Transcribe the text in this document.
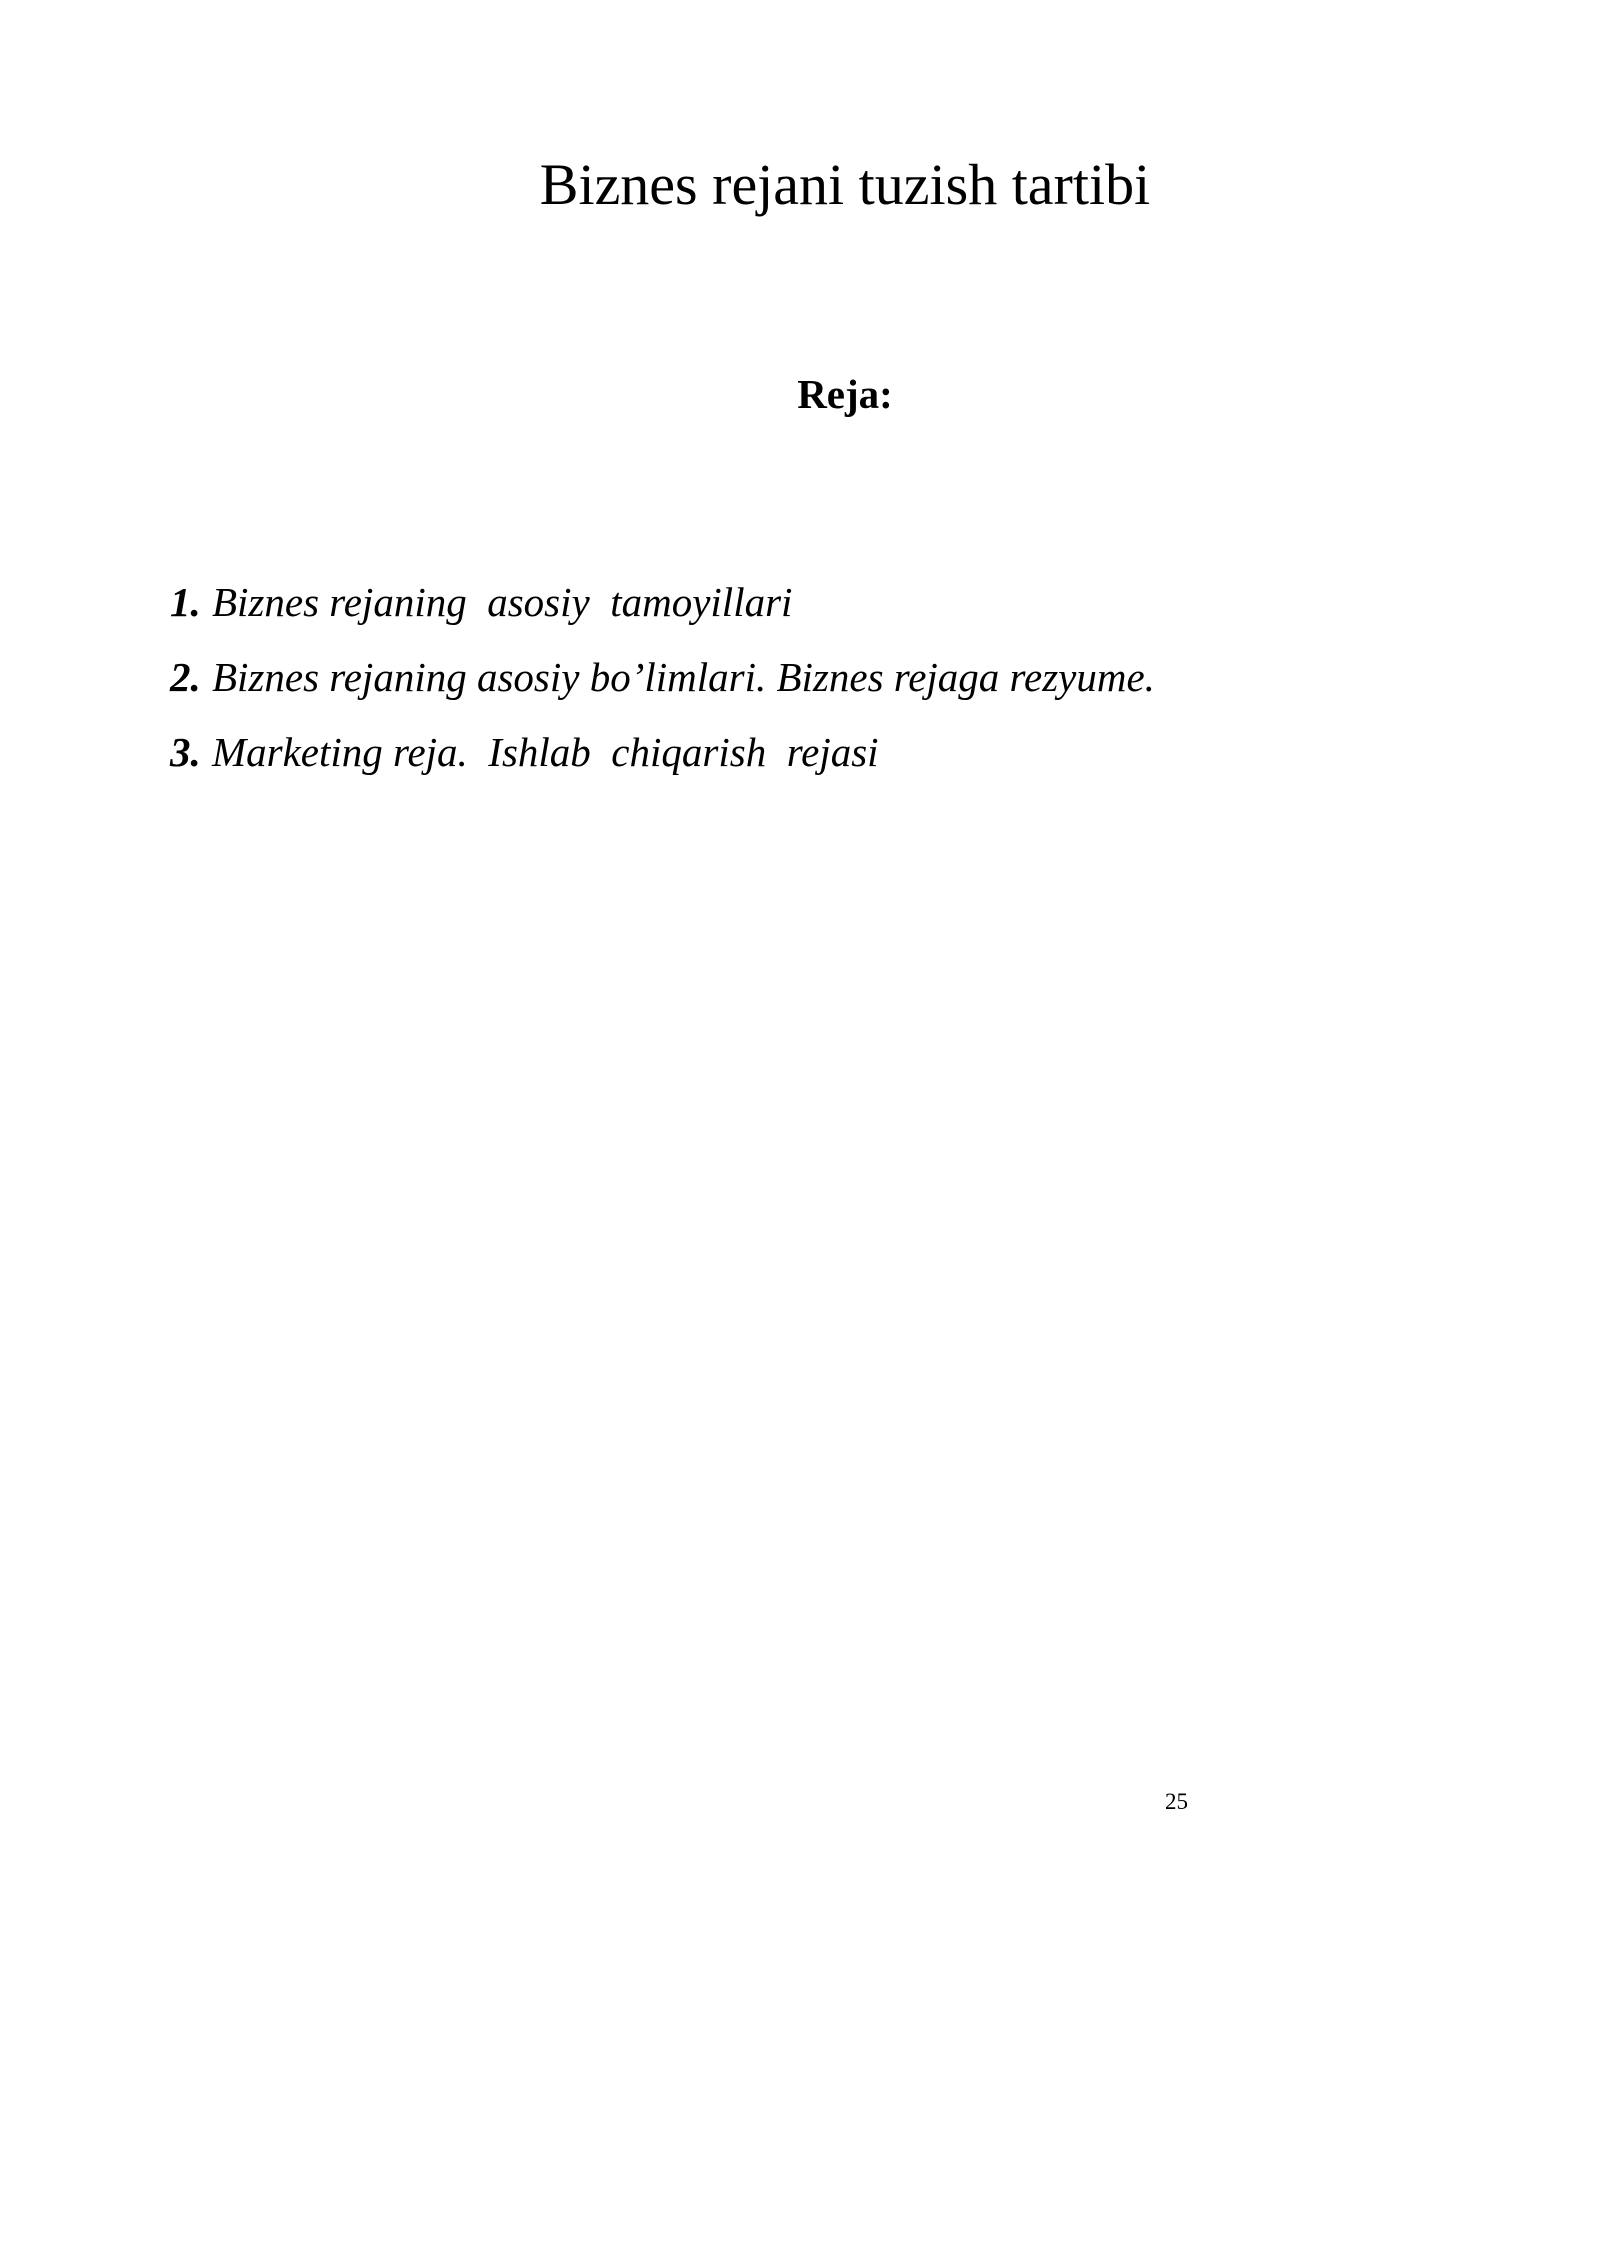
Biznes rejani tuzish tartibi
Reja:
1. Biznes rejaning  asosiy  tamoyillari
2. Biznes rejaning asosiy bo’limlari. Biznes rejaga rezyume.
3. Marketing reja.  Ishlab  chiqarish  rejasi
25
